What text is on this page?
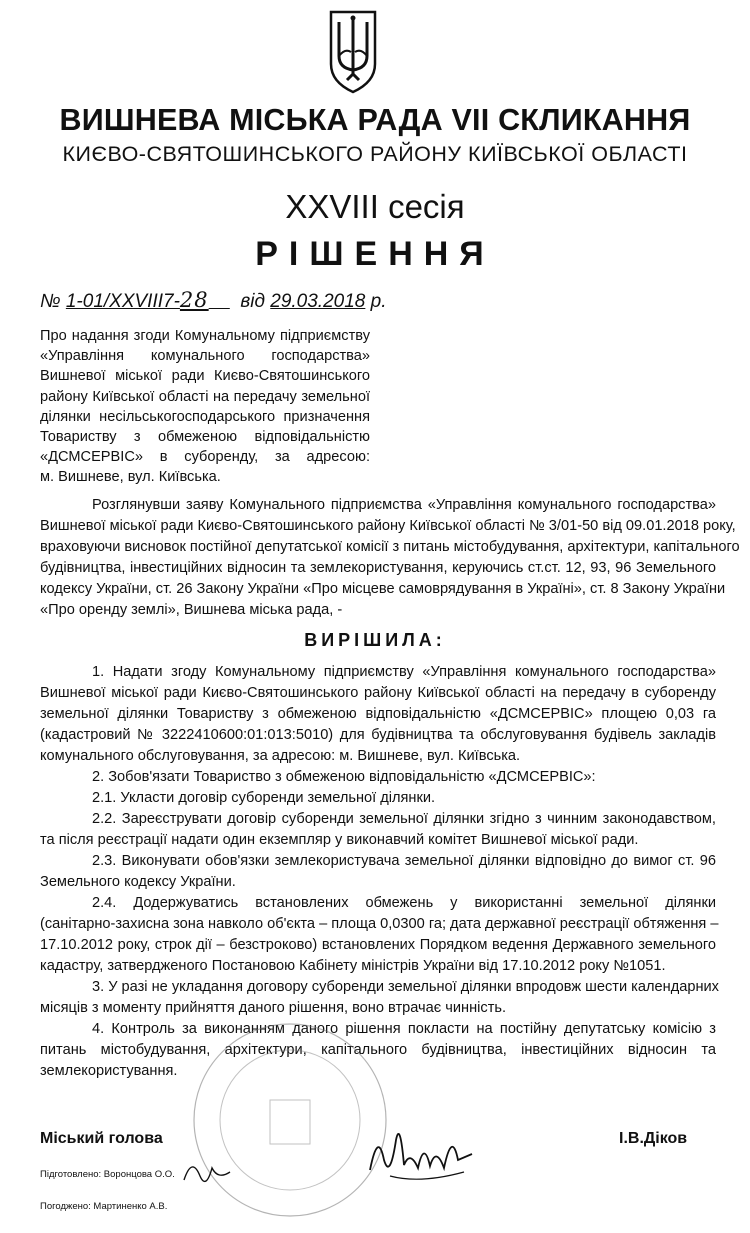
ВИШНЕВА МІСЬКА РАДА VII СКЛИКАННЯ
КИЄВО-СВЯТОШИНСЬКОГО РАЙОНУ КИЇВСЬКОЇ ОБЛАСТІ
XXVIII сесія
РІШЕННЯ
№ 1-01/XXVIII7-28 від 29.03.2018 р.
Про надання згоди Комунальному підприємству
«Управління комунального господарства»
Вишневої міської ради Києво-Святошинського
району Київської області на передачу земельної
ділянки несільськогосподарського призначення
Товариству з обмеженою відповідальністю
«ДСМСЕРВІС» в суборенду, за адресою:
м. Вишневе, вул. Київська.
Розглянувши заяву Комунального підприємства «Управління комунального господарства»
Вишневої міської ради Києво-Святошинського району Київської області № 3/01-50 від 09.01.2018 року,
враховуючи висновок постійної депутатської комісії з питань містобудування, архітектури, капітального
будівництва, інвестиційних відносин та землекористування, керуючись ст.ст. 12, 93, 96 Земельного
кодексу України, ст. 26 Закону України «Про місцеве самоврядування в Україні», ст. 8 Закону України
«Про оренду землі», Вишнева міська рада, -
ВИРІШИЛА:
1. Надати згоду Комунальному підприємству «Управління комунального господарства»
Вишневої міської ради Києво-Святошинського району Київської області на передачу в суборенду
земельної ділянки Товариству з обмеженою відповідальністю «ДСМСЕРВІС» площею 0,03 га
(кадастровий № 3222410600:01:013:5010) для будівництва та обслуговування будівель закладів
комунального обслуговування, за адресою: м. Вишневе, вул. Київська.
2. Зобов'язати Товариство з обмеженою відповідальністю «ДСМСЕРВІС»:
2.1. Укласти договір суборенди земельної ділянки.
2.2. Зареєструвати договір суборенди земельної ділянки згідно з чинним законодавством,
та після реєстрації надати один екземпляр у виконавчий комітет Вишневої міської ради.
2.3. Виконувати обов'язки землекористувача земельної ділянки відповідно до вимог ст. 96
Земельного кодексу України.
2.4. Додержуватись встановлених обмежень у використанні земельної ділянки
(санітарно-захисна зона навколо об'єкта – площа 0,0300 га; дата державної реєстрації обтяження –
17.10.2012 року, строк дії – безстроково) встановлених Порядком ведення Державного земельного
кадастру, затвердженого Постановою Кабінету міністрів України від 17.10.2012 року №1051.
3. У разі не укладання договору суборенди земельної ділянки впродовж шести календарних
місяців з моменту прийняття даного рішення, воно втрачає чинність.
4. Контроль за виконанням даного рішення покласти на постійну депутатську комісію з
питань містобудування, архітектури, капітального будівництва, інвестиційних відносин та
землекористування.
Міський голова	І.В.Діков
Підготовлено: Воронцова О.О.
Погоджено: Мартиненко А.В.
